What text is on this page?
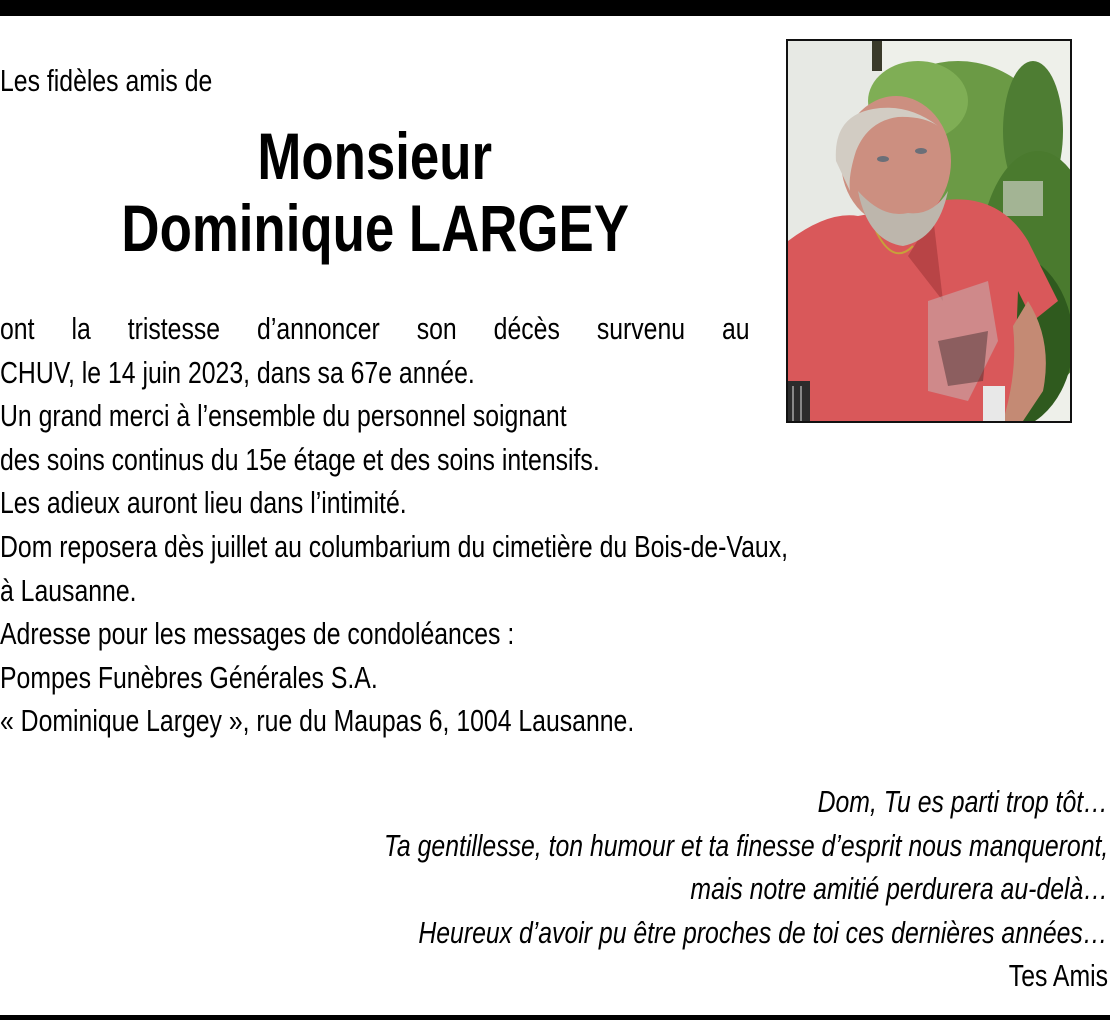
Les fidèles amis de
Monsieur
Dominique LARGEY
ont la tristesse d’annoncer son décès survenu au
CHUV, le 14 juin 2023, dans sa 67e année.
Un grand merci à l’ensemble du personnel soignant
des soins continus du 15e étage et des soins intensifs.
Les adieux auront lieu dans l’intimité.
Dom reposera dès juillet au columbarium du cimetière du Bois-de-Vaux,
à Lausanne.
Adresse pour les messages de condoléances :
Pompes Funèbres Générales S.A.
« Dominique Largey », rue du Maupas 6, 1004 Lausanne.
Dom, Tu es parti trop tôt…
Ta gentillesse, ton humour et ta finesse d’esprit nous manqueront,
mais notre amitié perdurera au-delà…
Heureux d’avoir pu être proches de toi ces dernières années…
Tes Amis
